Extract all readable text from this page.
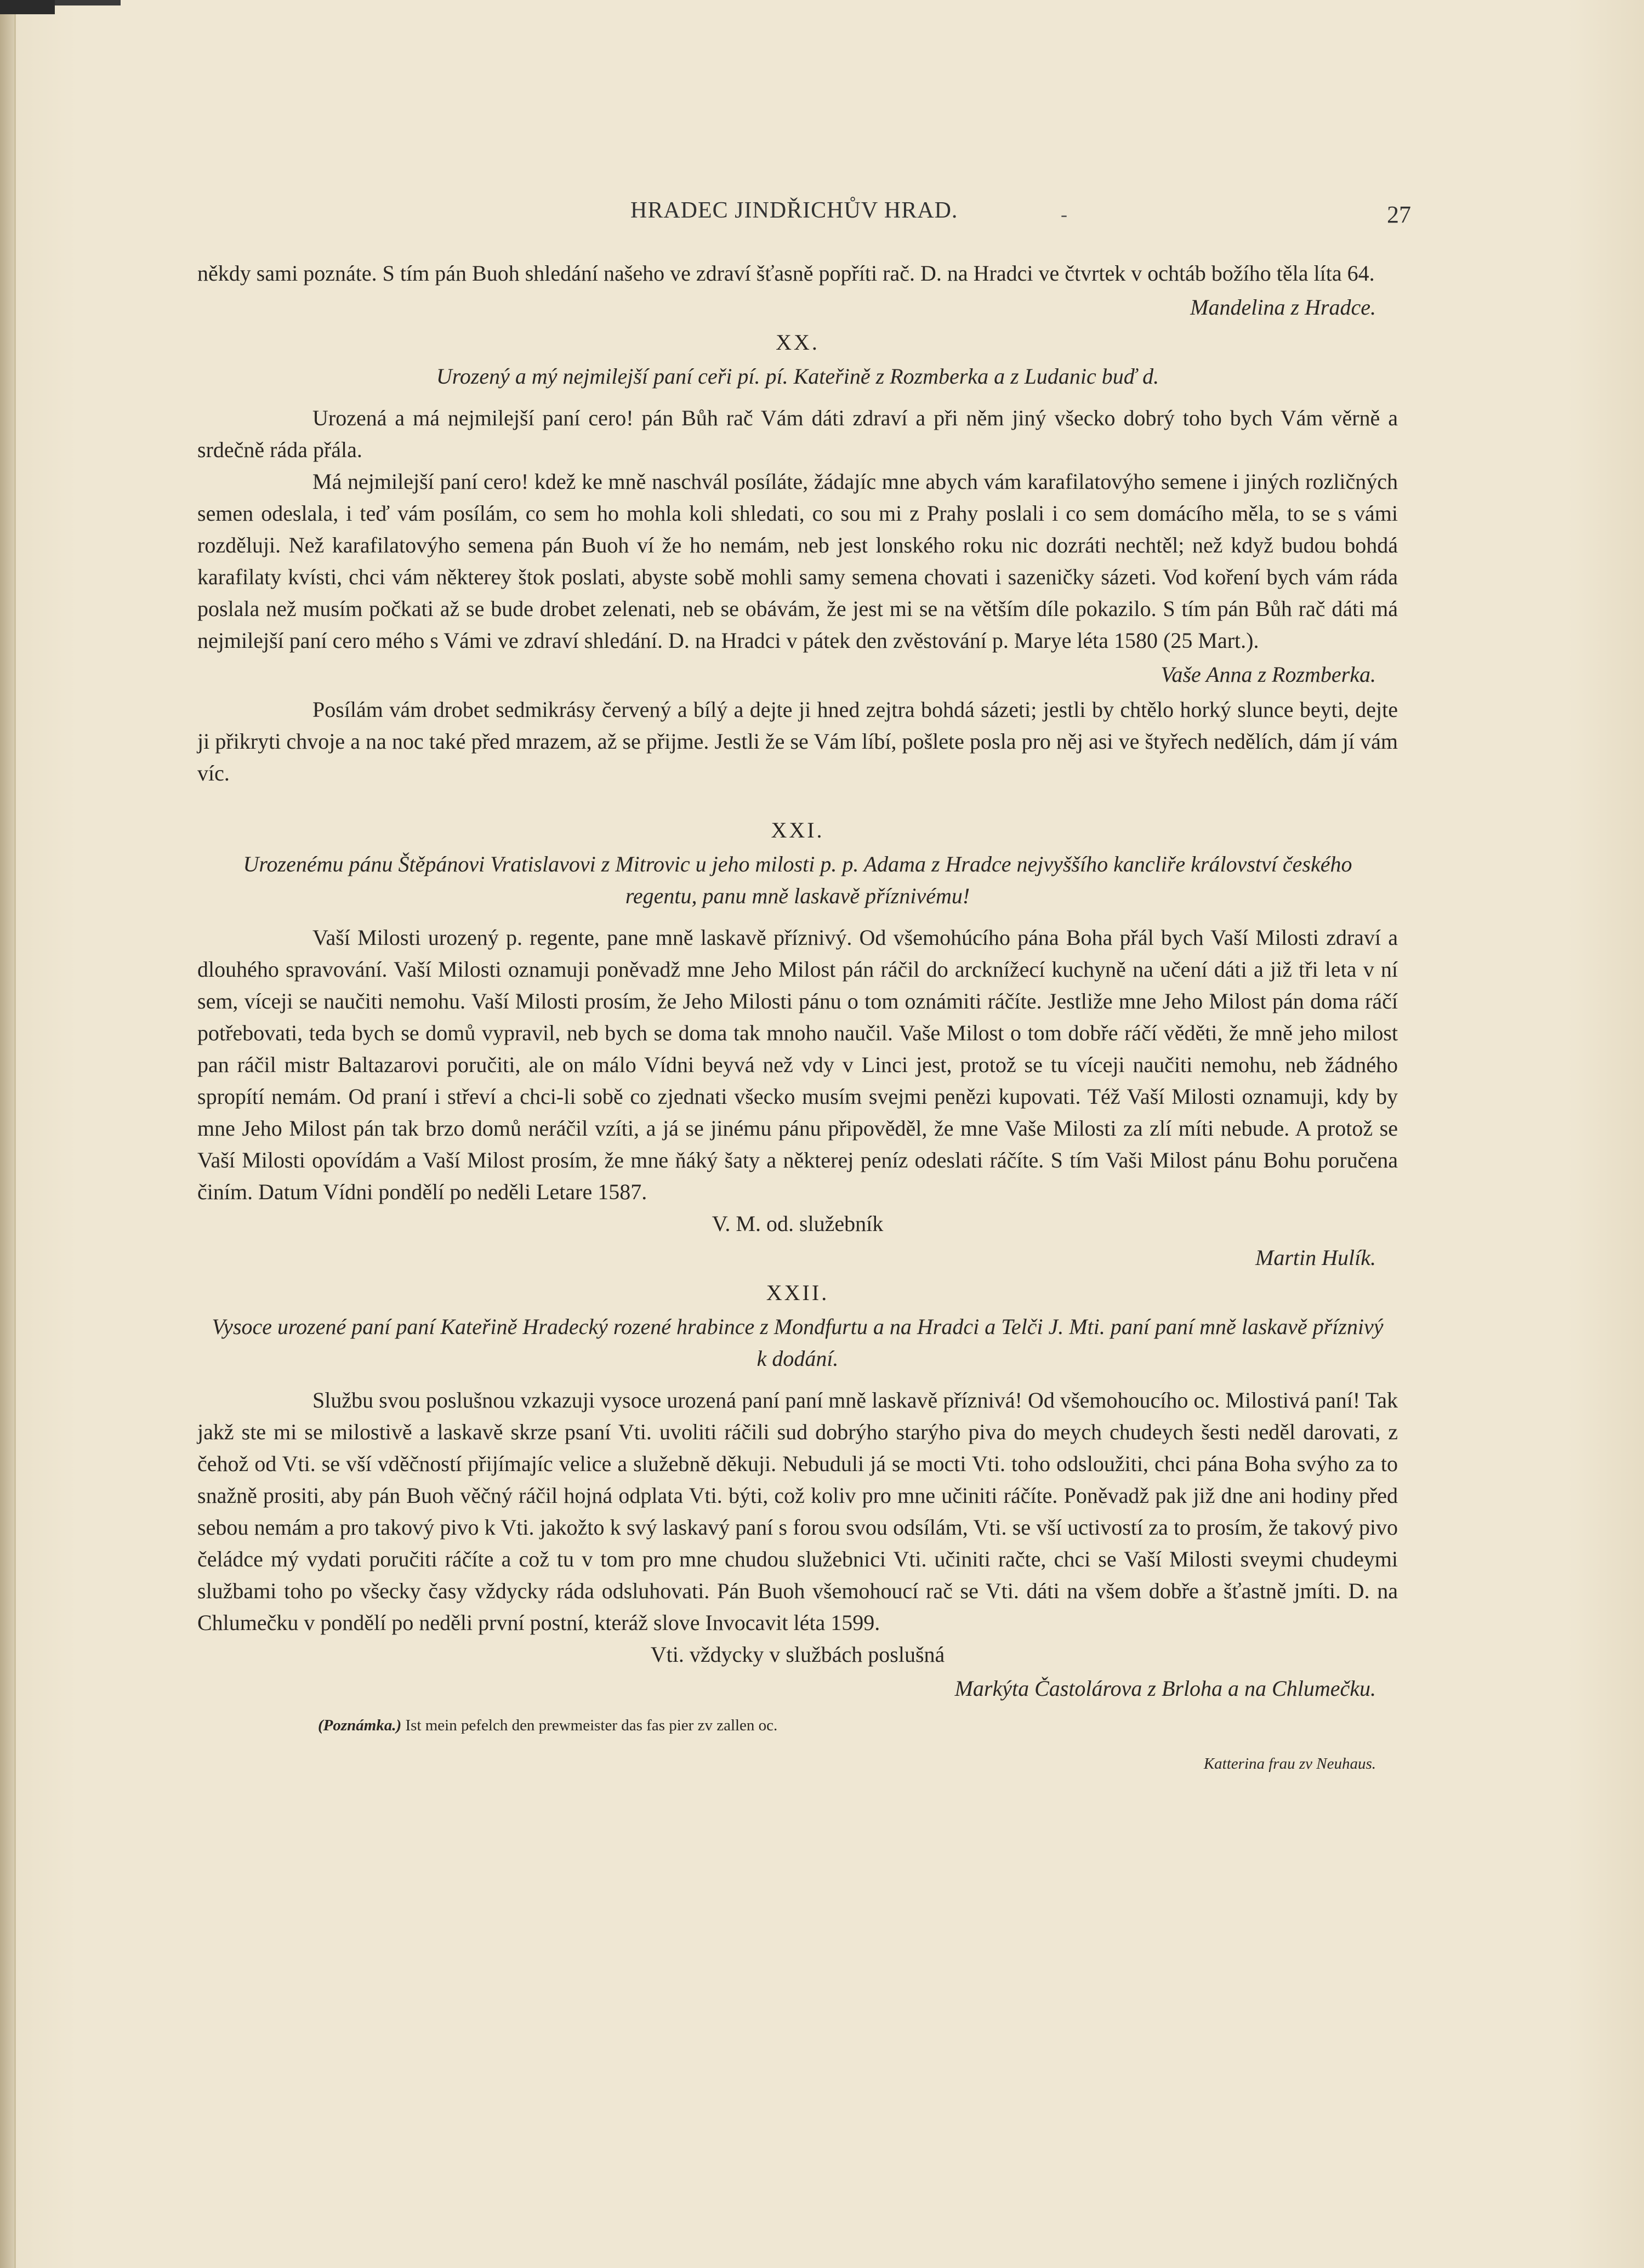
HRADEC JINDŘICHŮV HRAD.	-	27

někdy sami poznáte. S tím pán Buoh shledání našeho ve zdraví šťasně popříti rač. D. na Hradci ve čtvrtek v ochtáb božího těla líta 64.

Mandelina z Hradce.

XX.

Urozený a mý nejmilejší paní ceři pí. pí. Kateřině z Rozmberka a z Ludanic buď d.

Urozená a má nejmilejší paní cero! pán Bůh rač Vám dáti zdraví a při něm jiný všecko dobrý toho bych Vám věrně a srdečně ráda přála.

Má nejmilejší paní cero! kdež ke mně naschvál posíláte, žádajíc mne abych vám karafilatovýho semene i jiných rozličných semen odeslala, i teď vám posílám, co sem ho mohla koli shledati, co sou mi z Prahy poslali i co sem domácího měla, to se s vámi rozděluji. Než karafilatovýho semena pán Buoh ví že ho nemám, neb jest lonského roku nic dozráti nechtěl; než když budou bohdá karafilaty kvísti, chci vám některey štok poslati, abyste sobě mohli samy semena chovati i sazeničky sázeti. Vod koření bych vám ráda poslala než musím počkati až se bude drobet zelenati, neb se obávám, že jest mi se na větším díle pokazilo. S tím pán Bůh rač dáti má nejmilejší paní cero mého s Vámi ve zdraví shledání. D. na Hradci v pátek den zvěstování p. Marye léta 1580 (25 Mart.).

Vaše Anna z Rozmberka.

Posílám vám drobet sedmikrásy červený a bílý a dejte ji hned zejtra bohdá sázeti; jestli by chtělo horký slunce beyti, dejte ji přikryti chvoje a na noc také před mrazem, až se přijme. Jestli že se Vám líbí, pošlete posla pro něj asi ve štyřech nedělích, dám jí vám víc.

XXI.

Urozenému pánu Štěpánovi Vratislavovi z Mitrovic u jeho milosti p. p. Adama z Hradce nejvyššího kancliře království českého regentu, panu mně laskavě příznivému!

Vaší Milosti urozený p. regente, pane mně laskavě příznivý. Od všemohúcího pána Boha přál bych Vaší Milosti zdraví a dlouhého spravování. Vaší Milosti oznamuji poněvadž mne Jeho Milost pán ráčil do arcknížecí kuchyně na učení dáti a již tři leta v ní sem, víceji se naučiti nemohu. Vaší Milosti prosím, že Jeho Milosti pánu o tom oznámiti ráčíte. Jestliže mne Jeho Milost pán doma ráčí potřebovati, teda bych se domů vypravil, neb bych se doma tak mnoho naučil. Vaše Milost o tom dobře ráčí věděti, že mně jeho milost pan ráčil mistr Baltazarovi poručiti, ale on málo Vídni beyvá než vdy v Linci jest, protož se tu víceji naučiti nemohu, neb žádného spropítí nemám. Od praní i střeví a chci-li sobě co zjednati všecko musím svejmi penězi kupovati. Též Vaší Milosti oznamuji, kdy by mne Jeho Milost pán tak brzo domů neráčil vzíti, a já se jinému pánu připověděl, že mne Vaše Milosti za zlí míti nebude. A protož se Vaší Milosti opovídám a Vaší Milost prosím, že mne ňáký šaty a některej peníz odeslati ráčíte. S tím Vaši Milost pánu Bohu poručena činím. Datum Vídni pondělí po neděli Letare 1587.

V. M. od. služebník

Martin Hulík.

XXII.

Vysoce urozené paní paní Kateřině Hradecký rozené hrabince z Mondfurtu a na Hradci a Telči J. Mti. paní paní mně laskavě příznivý k dodání.

Službu svou poslušnou vzkazuji vysoce urozená paní paní mně laskavě příznivá! Od všemohoucího oc. Milostivá paní! Tak jakž ste mi se milostivě a laskavě skrze psaní Vti. uvoliti ráčili sud dobrýho starýho piva do meych chudeych šesti neděl darovati, z čehož od Vti. se vší vděčností přijímajíc velice a služebně děkuji. Nebuduli já se mocti Vti. toho odsloužiti, chci pána Boha svýho za to snažně prositi, aby pán Buoh věčný ráčil hojná odplata Vti. býti, což koliv pro mne učiniti ráčíte. Poněvadž pak již dne ani hodiny před sebou nemám a pro takový pivo k Vti. jakožto k svý laskavý paní s forou svou odsílám, Vti. se vší uctivostí za to prosím, že takový pivo čeládce mý vydati poručiti ráčíte a což tu v tom pro mne chudou služebnici Vti. učiniti račte, chci se Vaší Milosti sveymi chudeymi službami toho po všecky časy vždycky ráda odsluhovati. Pán Buoh všemohoucí rač se Vti. dáti na všem dobře a šťastně jmíti. D. na Chlumečku v pondělí po neděli první postní, kteráž slove Invocavit léta 1599.

Vti. vždycky v službách poslušná

Markýta Častolárova z Brloha a na Chlumečku.

(Poznámka.) Ist mein pefelch den prewmeister das fas pier zv zallen oc.

Katterina frau zv Neuhaus.
